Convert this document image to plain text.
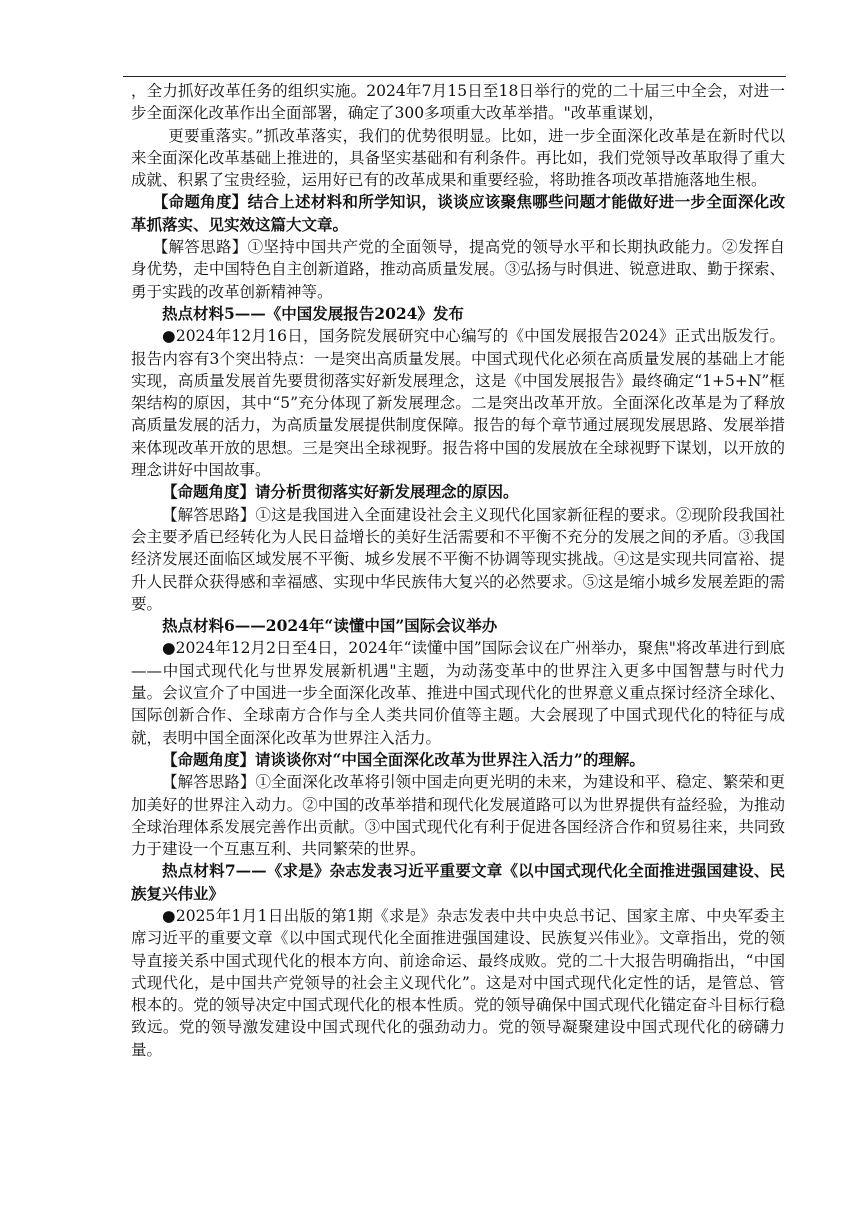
，全力抓好改革任务的组织实施。2024年7月15日至18日举行的党的二十届三中全会，对进一步全面深化改革作出全面部署，确定了300多项重大改革举措。"改革重谋划，

更要重落实。”抓改革落实，我们的优势很明显。比如，进一步全面深化改革是在新时代以来全面深化改革基础上推进的，具备坚实基础和有利条件。再比如，我们党领导改革取得了重大成就、积累了宝贵经验，运用好已有的改革成果和重要经验，将助推各项改革措施落地生根。

【命题角度】结合上述材料和所学知识，谈谈应该聚焦哪些问题才能做好进一步全面深化改革抓落实、见实效这篇大文章。

【解答思路】①坚持中国共产党的全面领导，提高党的领导水平和长期执政能力。②发挥自身优势，走中国特色自主创新道路，推动高质量发展。③弘扬与时俱进、锐意进取、勤于探索、勇于实践的改革创新精神等。

热点材料5——《中国发展报告2024》发布

●2024年12月16日，国务院发展研究中心编写的《中国发展报告2024》正式出版发行。报告内容有3个突出特点：一是突出高质量发展。中国式现代化必须在高质量发展的基础上才能实现，高质量发展首先要贯彻落实好新发展理念，这是《中国发展报告》最终确定“1+5+N”框架结构的原因，其中“5”充分体现了新发展理念。二是突出改革开放。全面深化改革是为了释放高质量发展的活力，为高质量发展提供制度保障。报告的每个章节通过展现发展思路、发展举措来体现改革开放的思想。三是突出全球视野。报告将中国的发展放在全球视野下谋划，以开放的理念讲好中国故事。

【命题角度】请分析贯彻落实好新发展理念的原因。

【解答思路】①这是我国进入全面建设社会主义现代化国家新征程的要求。②现阶段我国社会主要矛盾已经转化为人民日益增长的美好生活需要和不平衡不充分的发展之间的矛盾。③我国经济发展还面临区域发展不平衡、城乡发展不平衡不协调等现实挑战。④这是实现共同富裕、提升人民群众获得感和幸福感、实现中华民族伟大复兴的必然要求。⑤这是缩小城乡发展差距的需要。

热点材料6——2024年“读懂中国”国际会议举办

●2024年12月2日至4日，2024年“读懂中国”国际会议在广州举办，聚焦"将改革进行到底——中国式现代化与世界发展新机遇"主题，为动荡变革中的世界注入更多中国智慧与时代力量。会议宣介了中国进一步全面深化改革、推进中国式现代化的世界意义重点探讨经济全球化、国际创新合作、全球南方合作与全人类共同价值等主题。大会展现了中国式现代化的特征与成就，表明中国全面深化改革为世界注入活力。

【命题角度】请谈谈你对“中国全面深化改革为世界注入活力”的理解。

【解答思路】①全面深化改革将引领中国走向更光明的未来，为建设和平、稳定、繁荣和更加美好的世界注入动力。②中国的改革举措和现代化发展道路可以为世界提供有益经验，为推动全球治理体系发展完善作出贡献。③中国式现代化有利于促进各国经济合作和贸易往来，共同致力于建设一个互惠互利、共同繁荣的世界。

热点材料7——《求是》杂志发表习近平重要文章《以中国式现代化全面推进强国建设、民族复兴伟业》

●2025年1月1日出版的第1期《求是》杂志发表中共中央总书记、国家主席、中央军委主席习近平的重要文章《以中国式现代化全面推进强国建设、民族复兴伟业》。文章指出，党的领导直接关系中国式现代化的根本方向、前途命运、最终成败。党的二十大报告明确指出，“中国式现代化，是中国共产党领导的社会主义现代化”。这是对中国式现代化定性的话，是管总、管根本的。党的领导决定中国式现代化的根本性质。党的领导确保中国式现代化锚定奋斗目标行稳致远。党的领导激发建设中国式现代化的强劲动力。党的领导凝聚建设中国式现代化的磅礴力量。
